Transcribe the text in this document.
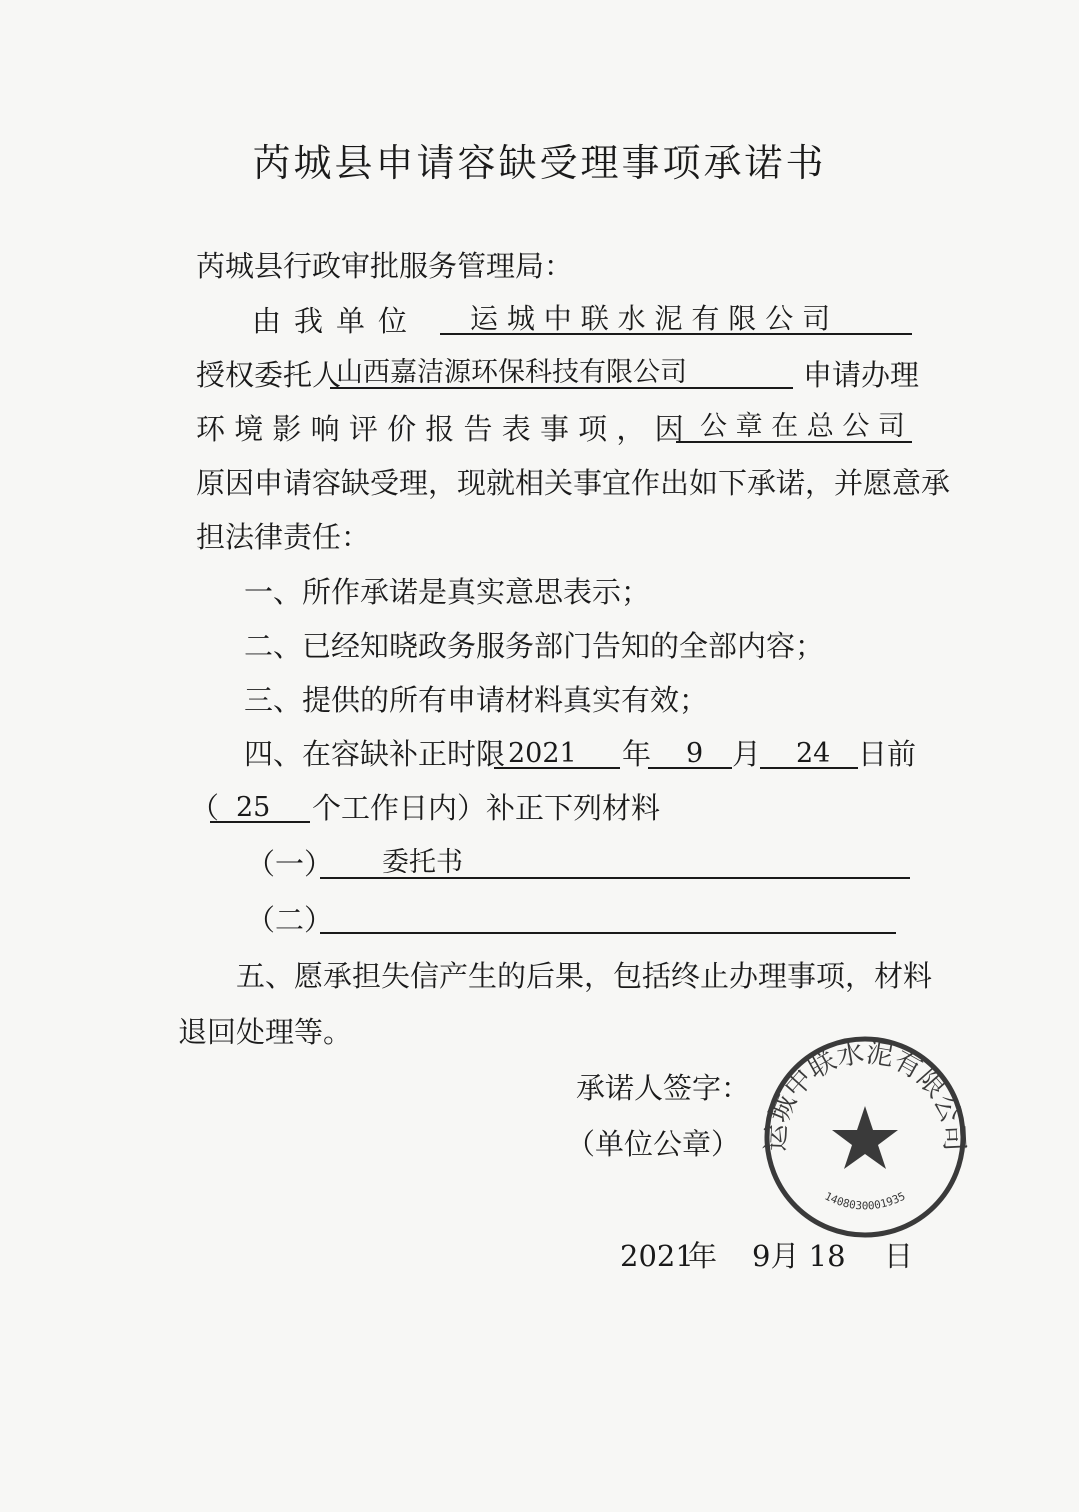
芮城县申请容缺受理事项承诺书
芮城县行政审批服务管理局：
由我单位 运 城 中 联 水 泥 有 限 公 司
授权委托人
山西嘉洁源环保科技有限公司	申请办理
环 境 影 响 评 价 报 告 表 事 项 ， 因 公 章 在 总 公 司
原因申请容缺受理，现就相关事宜作出如下承诺，并愿意承
担法律责任：
一、所作承诺是真实意思表示；
二、已经知晓政务服务部门告知的全部内容；
三、提供的所有申请材料真实有效；
四、在容缺补正时限 2021 年 9 月 24 日前
（ 25 个工作日内）补正下列材料
（一） 委托书
（二）
五、愿承担失信产生的后果，包括终止办理事项，材料
退回处理等。
承诺人签字：
（单位公章）
2021
年 9月 18 日
运城中联水泥有限公司
1408030001935
